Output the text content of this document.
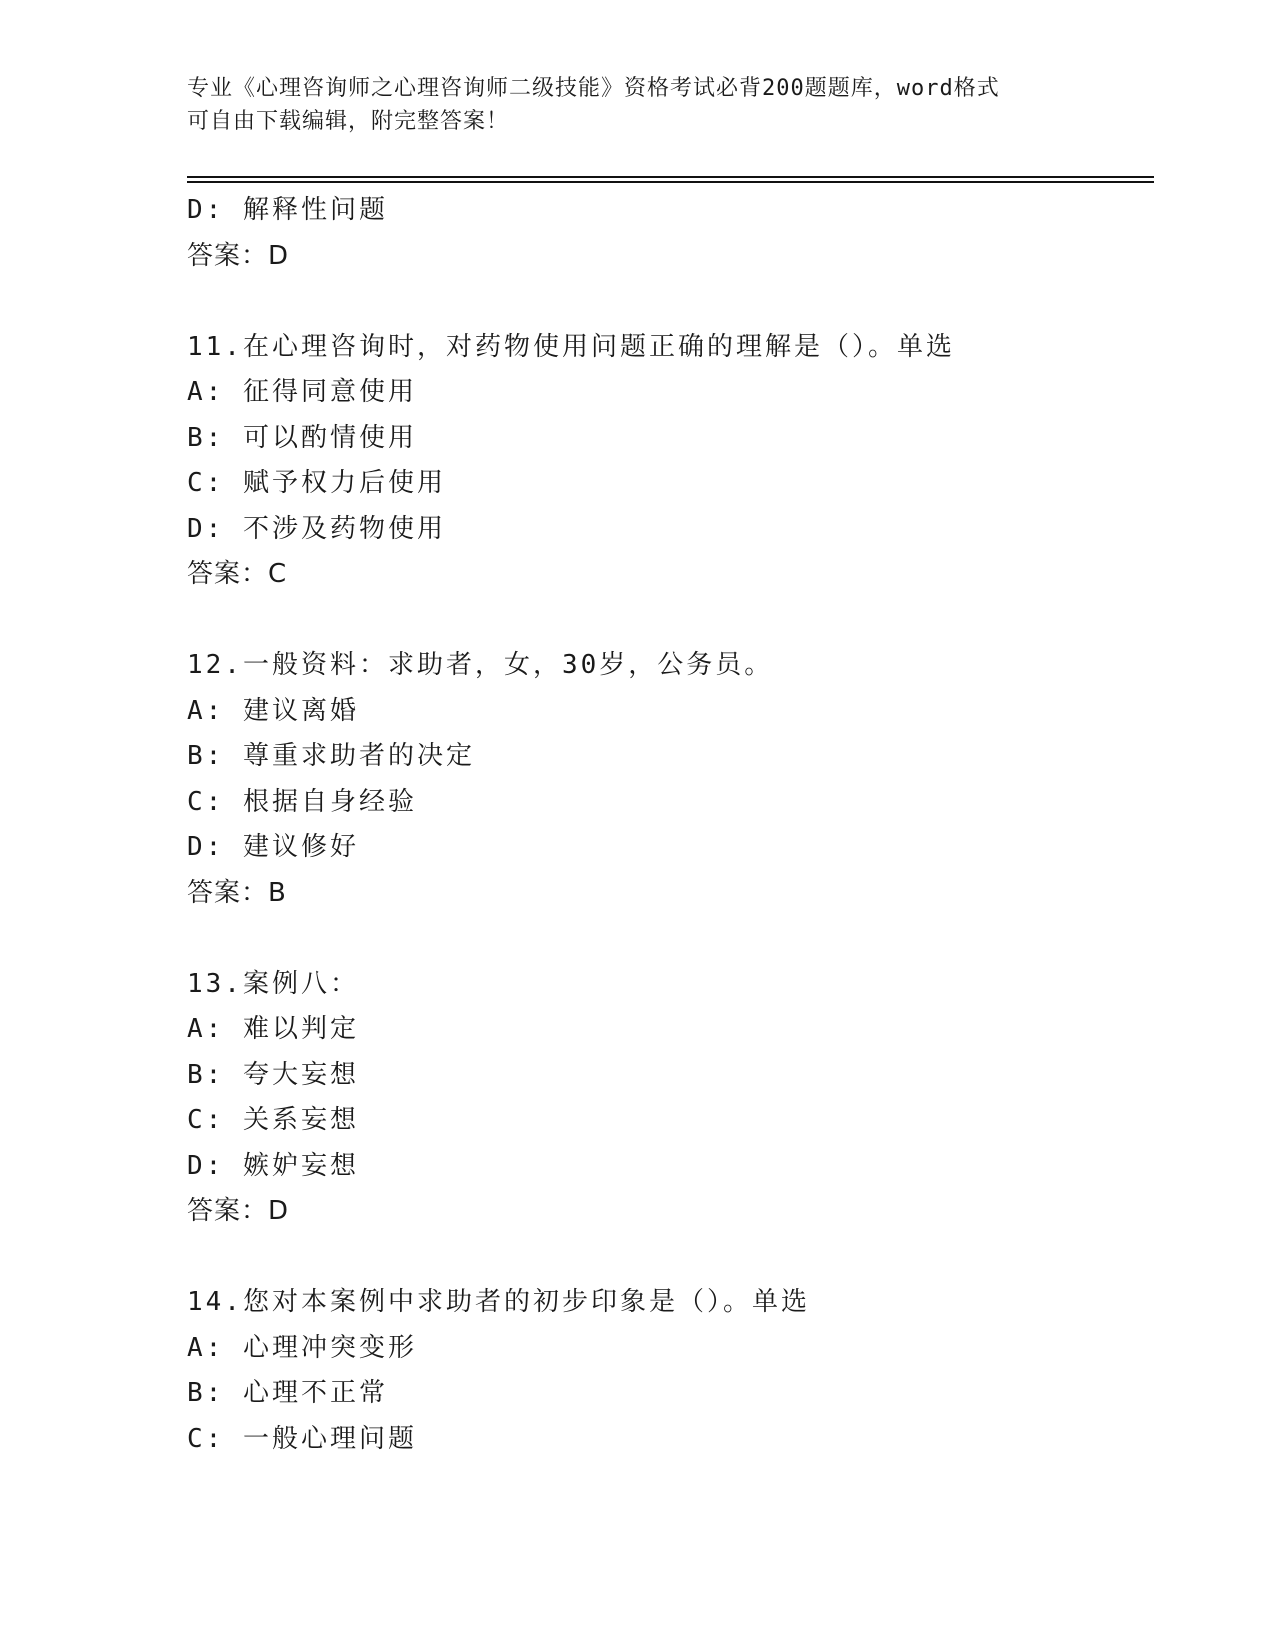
专业《心理咨询师之心理咨询师二级技能》资格考试必背200题题库，word格式
可自由下载编辑，附完整答案！
D: 解释性问题
答案：D
11.在心理咨询时，对药物使用问题正确的理解是（）。单选
A: 征得同意使用
B: 可以酌情使用
C: 赋予权力后使用
D: 不涉及药物使用
答案：C
12.一般资料：求助者，女，30岁，公务员。
A: 建议离婚
B: 尊重求助者的决定
C: 根据自身经验
D: 建议修好
答案：B
13.案例八：
A: 难以判定
B: 夸大妄想
C: 关系妄想
D: 嫉妒妄想
答案：D
14.您对本案例中求助者的初步印象是（）。单选
A: 心理冲突变形
B: 心理不正常
C: 一般心理问题
